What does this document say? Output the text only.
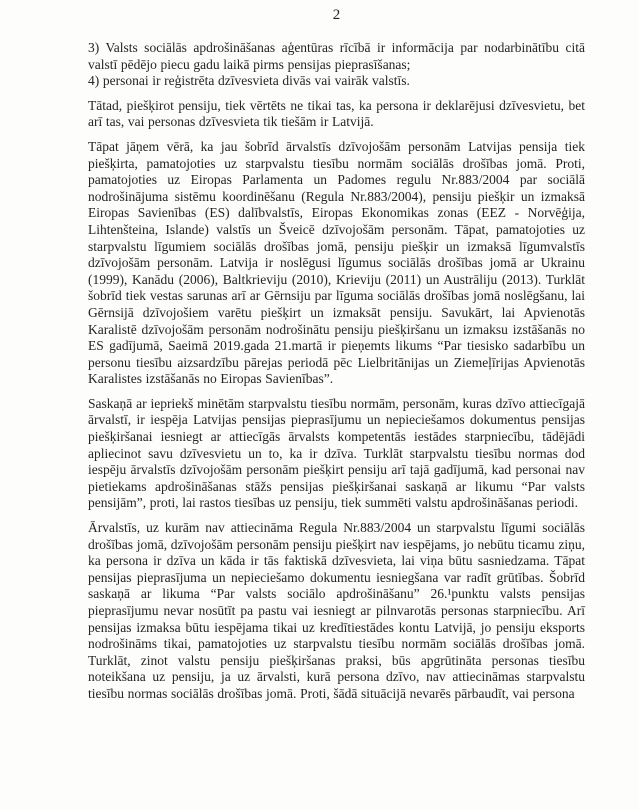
2

3) Valsts sociālās apdrošināšanas aģentūras rīcībā ir informācija par nodarbinātību citā valstī pēdējo piecu gadu laikā pirms pensijas pieprasīšanas;

4) personai ir reģistrēta dzīvesvieta divās vai vairāk valstīs.

Tātad, piešķirot pensiju, tiek vērtēts ne tikai tas, ka persona ir deklarējusi dzīvesvietu, bet arī tas, vai personas dzīvesvieta tik tiešām ir Latvijā.

Tāpat jāņem vērā, ka jau šobrīd ārvalstīs dzīvojošām personām Latvijas pensija tiek piešķirta, pamatojoties uz starpvalstu tiesību normām sociālās drošības jomā. Proti, pamatojoties uz Eiropas Parlamenta un Padomes regulu Nr.883/2004 par sociālā nodrošinājuma sistēmu koordinēšanu (Regula Nr.883/2004), pensiju piešķir un izmaksā Eiropas Savienības (ES) dalībvalstīs, Eiropas Ekonomikas zonas (EEZ - Norvēģija, Lihtenšteina, Islande) valstīs un Šveicē dzīvojošām personām. Tāpat, pamatojoties uz starpvalstu līgumiem sociālās drošības jomā, pensiju piešķir un izmaksā līgumvalstīs dzīvojošām personām. Latvija ir noslēgusi līgumus sociālās drošības jomā ar Ukrainu (1999), Kanādu (2006), Baltkrieviju (2010), Krieviju (2011) un Austrāliju (2013). Turklāt šobrīd tiek vestas sarunas arī ar Gērnsiju par līguma sociālās drošības jomā noslēgšanu, lai Gērnsijā dzīvojošiem varētu piešķirt un izmaksāt pensiju. Savukārt, lai Apvienotās Karalistē dzīvojošām personām nodrošinātu pensiju piešķiršanu un izmaksu izstāšanās no ES gadījumā, Saeimā 2019.gada 21.martā ir pieņemts likums “Par tiesisko sadarbību un personu tiesību aizsardzību pārejas periodā pēc Lielbritānijas un Ziemeļīrijas Apvienotās Karalistes izstāšanās no Eiropas Savienības”.

Saskaņā ar iepriekš minētām starpvalstu tiesību normām, personām, kuras dzīvo attiecīgajā ārvalstī, ir iespēja Latvijas pensijas pieprasījumu un nepieciešamos dokumentus pensijas piešķiršanai iesniegt ar attiecīgās ārvalsts kompetentās iestādes starpniecību, tādējādi apliecinot savu dzīvesvietu un to, ka ir dzīva. Turklāt starpvalstu tiesību normas dod iespēju ārvalstīs dzīvojošām personām piešķirt pensiju arī tajā gadījumā, kad personai nav pietiekams apdrošināšanas stāžs pensijas piešķiršanai saskaņā ar likumu “Par valsts pensijām”, proti, lai rastos tiesības uz pensiju, tiek summēti valstu apdrošināšanas periodi.

Ārvalstīs, uz kurām nav attiecināma Regula Nr.883/2004 un starpvalstu līgumi sociālās drošības jomā, dzīvojošām personām pensiju piešķirt nav iespējams, jo nebūtu ticamu ziņu, ka persona ir dzīva un kāda ir tās faktiskā dzīvesvieta, lai viņa būtu sasniedzama. Tāpat pensijas pieprasījuma un nepieciešamo dokumentu iesniegšana var radīt grūtības. Šobrīd saskaņā ar likuma “Par valsts sociālo apdrošināšanu” 26.¹punktu valsts pensijas pieprasījumu nevar nosūtīt pa pastu vai iesniegt ar pilnvarotās personas starpniecību. Arī pensijas izmaksa būtu iespējama tikai uz kredītiestādes kontu Latvijā, jo pensiju eksports nodrošināms tikai, pamatojoties uz starpvalstu tiesību normām sociālās drošības jomā. Turklāt, zinot valstu pensiju piešķiršanas praksi, būs apgrūtināta personas tiesību noteikšana uz pensiju, ja uz ārvalsti, kurā persona dzīvo, nav attiecināmas starpvalstu tiesību normas sociālās drošības jomā. Proti, šādā situācijā nevarēs pārbaudīt, vai persona
